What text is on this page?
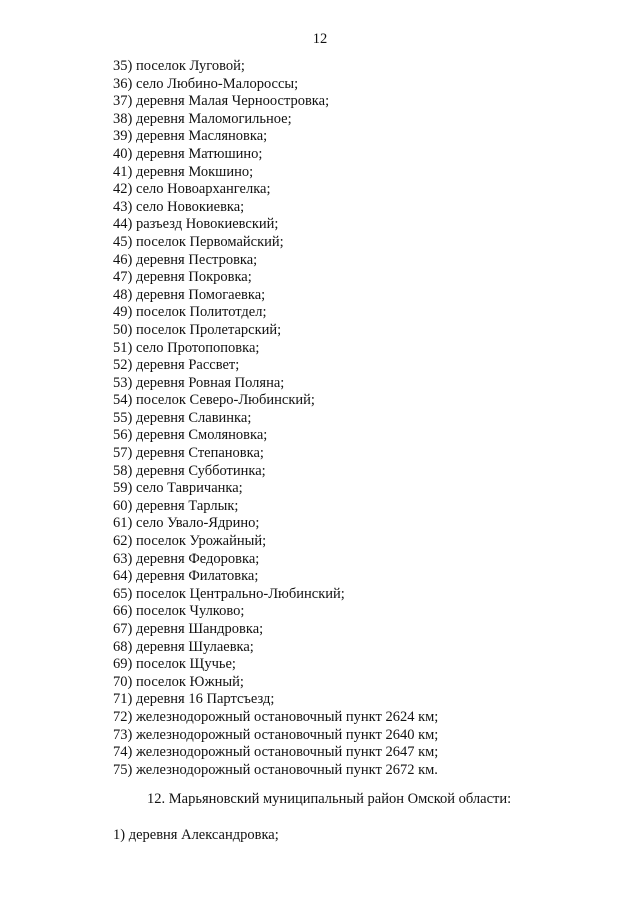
12
35) поселок Луговой;
36) село Любино-Малороссы;
37) деревня Малая Черноостровка;
38) деревня Маломогильное;
39) деревня Масляновка;
40) деревня Матюшино;
41) деревня Мокшино;
42) село Новоархангелка;
43) село Новокиевка;
44) разъезд Новокиевский;
45) поселок Первомайский;
46) деревня Пестровка;
47) деревня Покровка;
48) деревня Помогаевка;
49) поселок Политотдел;
50) поселок Пролетарский;
51) село Протопоповка;
52) деревня Рассвет;
53) деревня Ровная Поляна;
54) поселок Северо-Любинский;
55) деревня Славинка;
56) деревня Смоляновка;
57) деревня Степановка;
58) деревня Субботинка;
59) село Тавричанка;
60) деревня Тарлык;
61) село Увало-Ядрино;
62) поселок Урожайный;
63) деревня Федоровка;
64) деревня Филатовка;
65) поселок Центрально-Любинский;
66) поселок Чулково;
67) деревня Шандровка;
68) деревня Шулаевка;
69) поселок Щучье;
70) поселок Южный;
71) деревня 16 Партсъезд;
72) железнодорожный остановочный пункт 2624 км;
73) железнодорожный остановочный пункт 2640 км;
74) железнодорожный остановочный пункт 2647 км;
75) железнодорожный остановочный пункт 2672 км.
12. Марьяновский муниципальный район Омской области:
1) деревня Александровка;
